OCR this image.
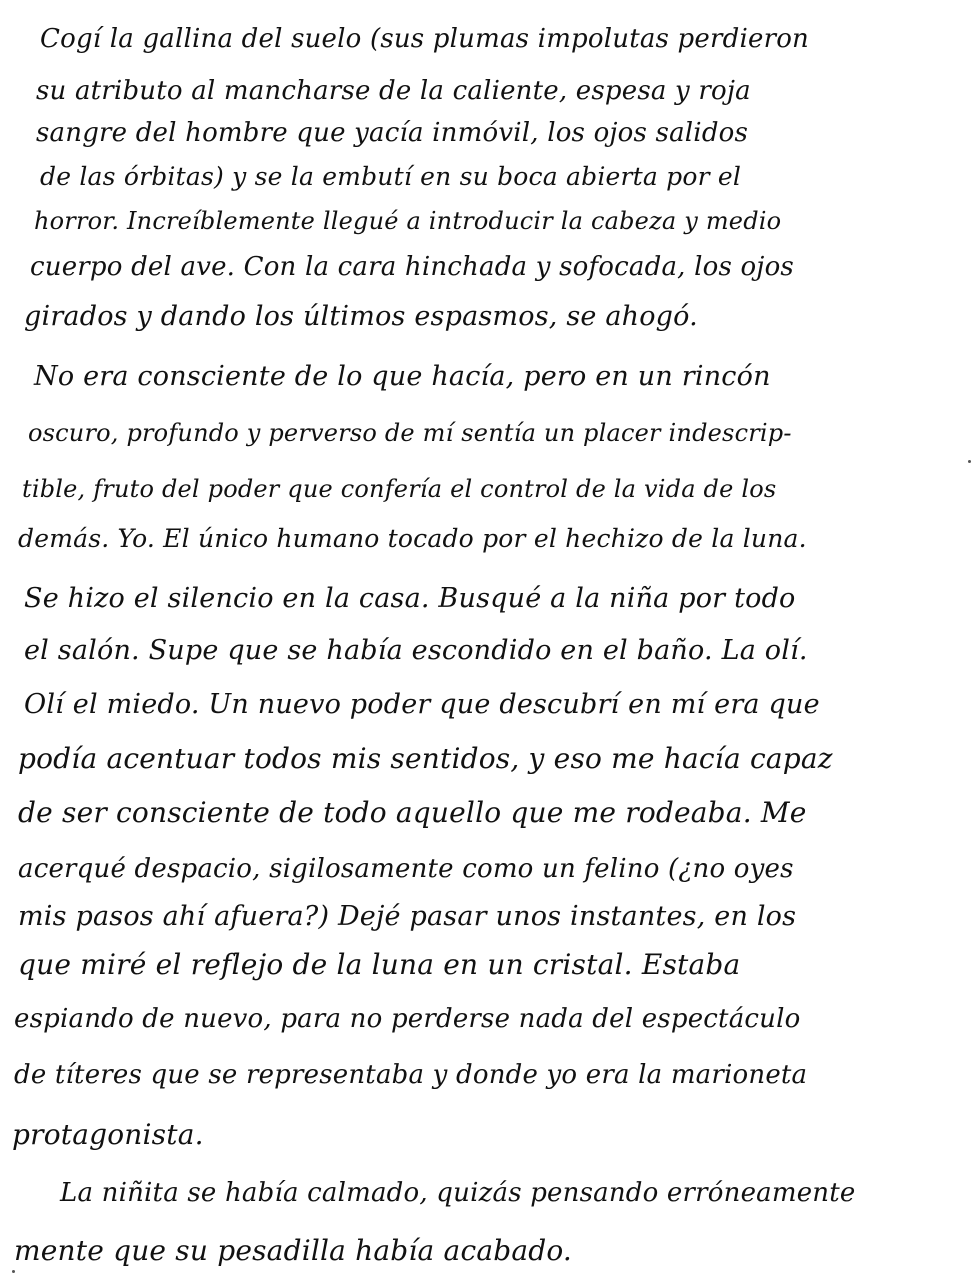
Cogí la gallina del suelo (sus plumas impolutas perdieron
su atributo al mancharse de la caliente, espesa y roja
sangre del hombre que yacía inmóvil, los ojos salidos
de las órbitas) y se la embutí en su boca abierta por el
horror. Increíblemente llegué a introducir la cabeza y medio
cuerpo del ave. Con la cara hinchada y sofocada, los ojos
girados y dando los últimos espasmos, se ahogó.
No era consciente de lo que hacía, pero en un rincón
oscuro, profundo y perverso de mí sentía un placer indescrip-
tible, fruto del poder que confería el control de la vida de los
demás. Yo. El único humano tocado por el hechizo de la luna.
Se hizo el silencio en la casa. Busqué a la niña por todo
el salón. Supe que se había escondido en el baño. La olí.
Olí el miedo. Un nuevo poder que descubrí en mí era que
podía acentuar todos mis sentidos, y eso me hacía capaz
de ser consciente de todo aquello que me rodeaba. Me
acerqué despacio, sigilosamente como un felino (¿no oyes
mis pasos ahí afuera?) Dejé pasar unos instantes, en los
que miré el reflejo de la luna en un cristal. Estaba
espiando de nuevo, para no perderse nada del espectáculo
de títeres que se representaba y donde yo era la marioneta
protagonista.
La niñita se había calmado, quizás pensando erróneamente
mente que su pesadilla había acabado.
